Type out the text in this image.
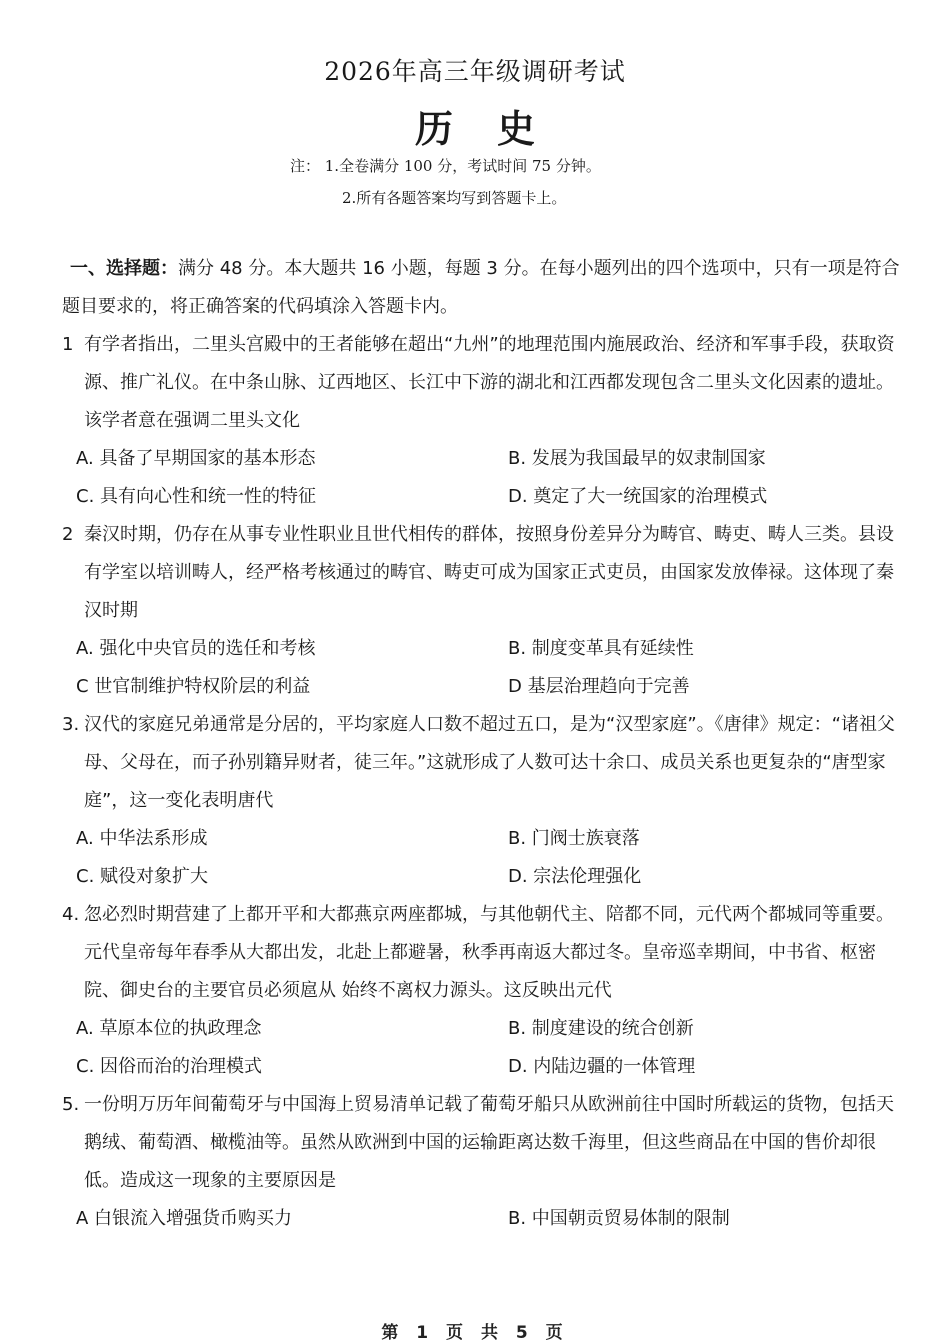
2026年高三年级调研考试
历史
注： 1.全卷满分 100 分，考试时间 75 分钟。
2.所有各题答案均写到答题卡上。
一、选择题：满分 48 分。本大题共 16 小题，每题 3 分。在每小题列出的四个选项中，只有一项是符合题目要求的，将正确答案的代码填涂入答题卡内。
1 有学者指出，二里头宫殿中的王者能够在超出“九州”的地理范围内施展政治、经济和军事手段，获取资源、推广礼仪。在中条山脉、辽西地区、长江中下游的湖北和江西都发现包含二里头文化因素的遗址。该学者意在强调二里头文化
A. 具备了早期国家的基本形态	B. 发展为我国最早的奴隶制国家
C. 具有向心性和统一性的特征	D. 奠定了大一统国家的治理模式
2 秦汉时期，仍存在从事专业性职业且世代相传的群体，按照身份差异分为畴官、畴吏、畴人三类。县设有学室以培训畴人，经严格考核通过的畴官、畴吏可成为国家正式吏员，由国家发放俸禄。这体现了秦汉时期
A. 强化中央官员的选任和考核	B. 制度变革具有延续性
C 世官制维护特权阶层的利益	D 基层治理趋向于完善
3. 汉代的家庭兄弟通常是分居的，平均家庭人口数不超过五口，是为“汉型家庭”。《唐律》规定：“诸祖父母、父母在，而子孙别籍异财者，徒三年。”这就形成了人数可达十余口、成员关系也更复杂的“唐型家庭”，这一变化表明唐代
A. 中华法系形成	B. 门阀士族衰落
C. 赋役对象扩大	D. 宗法伦理强化
4. 忽必烈时期营建了上都开平和大都燕京两座都城，与其他朝代主、陪都不同，元代两个都城同等重要。元代皇帝每年春季从大都出发，北赴上都避暑，秋季再南返大都过冬。皇帝巡幸期间，中书省、枢密院、御史台的主要官员必须扈从 始终不离权力源头。这反映出元代
A. 草原本位的执政理念	B. 制度建设的统合创新
C. 因俗而治的治理模式	D. 内陆边疆的一体管理
5. 一份明万历年间葡萄牙与中国海上贸易清单记载了葡萄牙船只从欧洲前往中国时所载运的货物，包括天鹅绒、葡萄酒、橄榄油等。虽然从欧洲到中国的运输距离达数千海里，但这些商品在中国的售价却很低。造成这一现象的主要原因是
A 白银流入增强货币购买力	B. 中国朝贡贸易体制的限制
第 1 页 共 5 页
